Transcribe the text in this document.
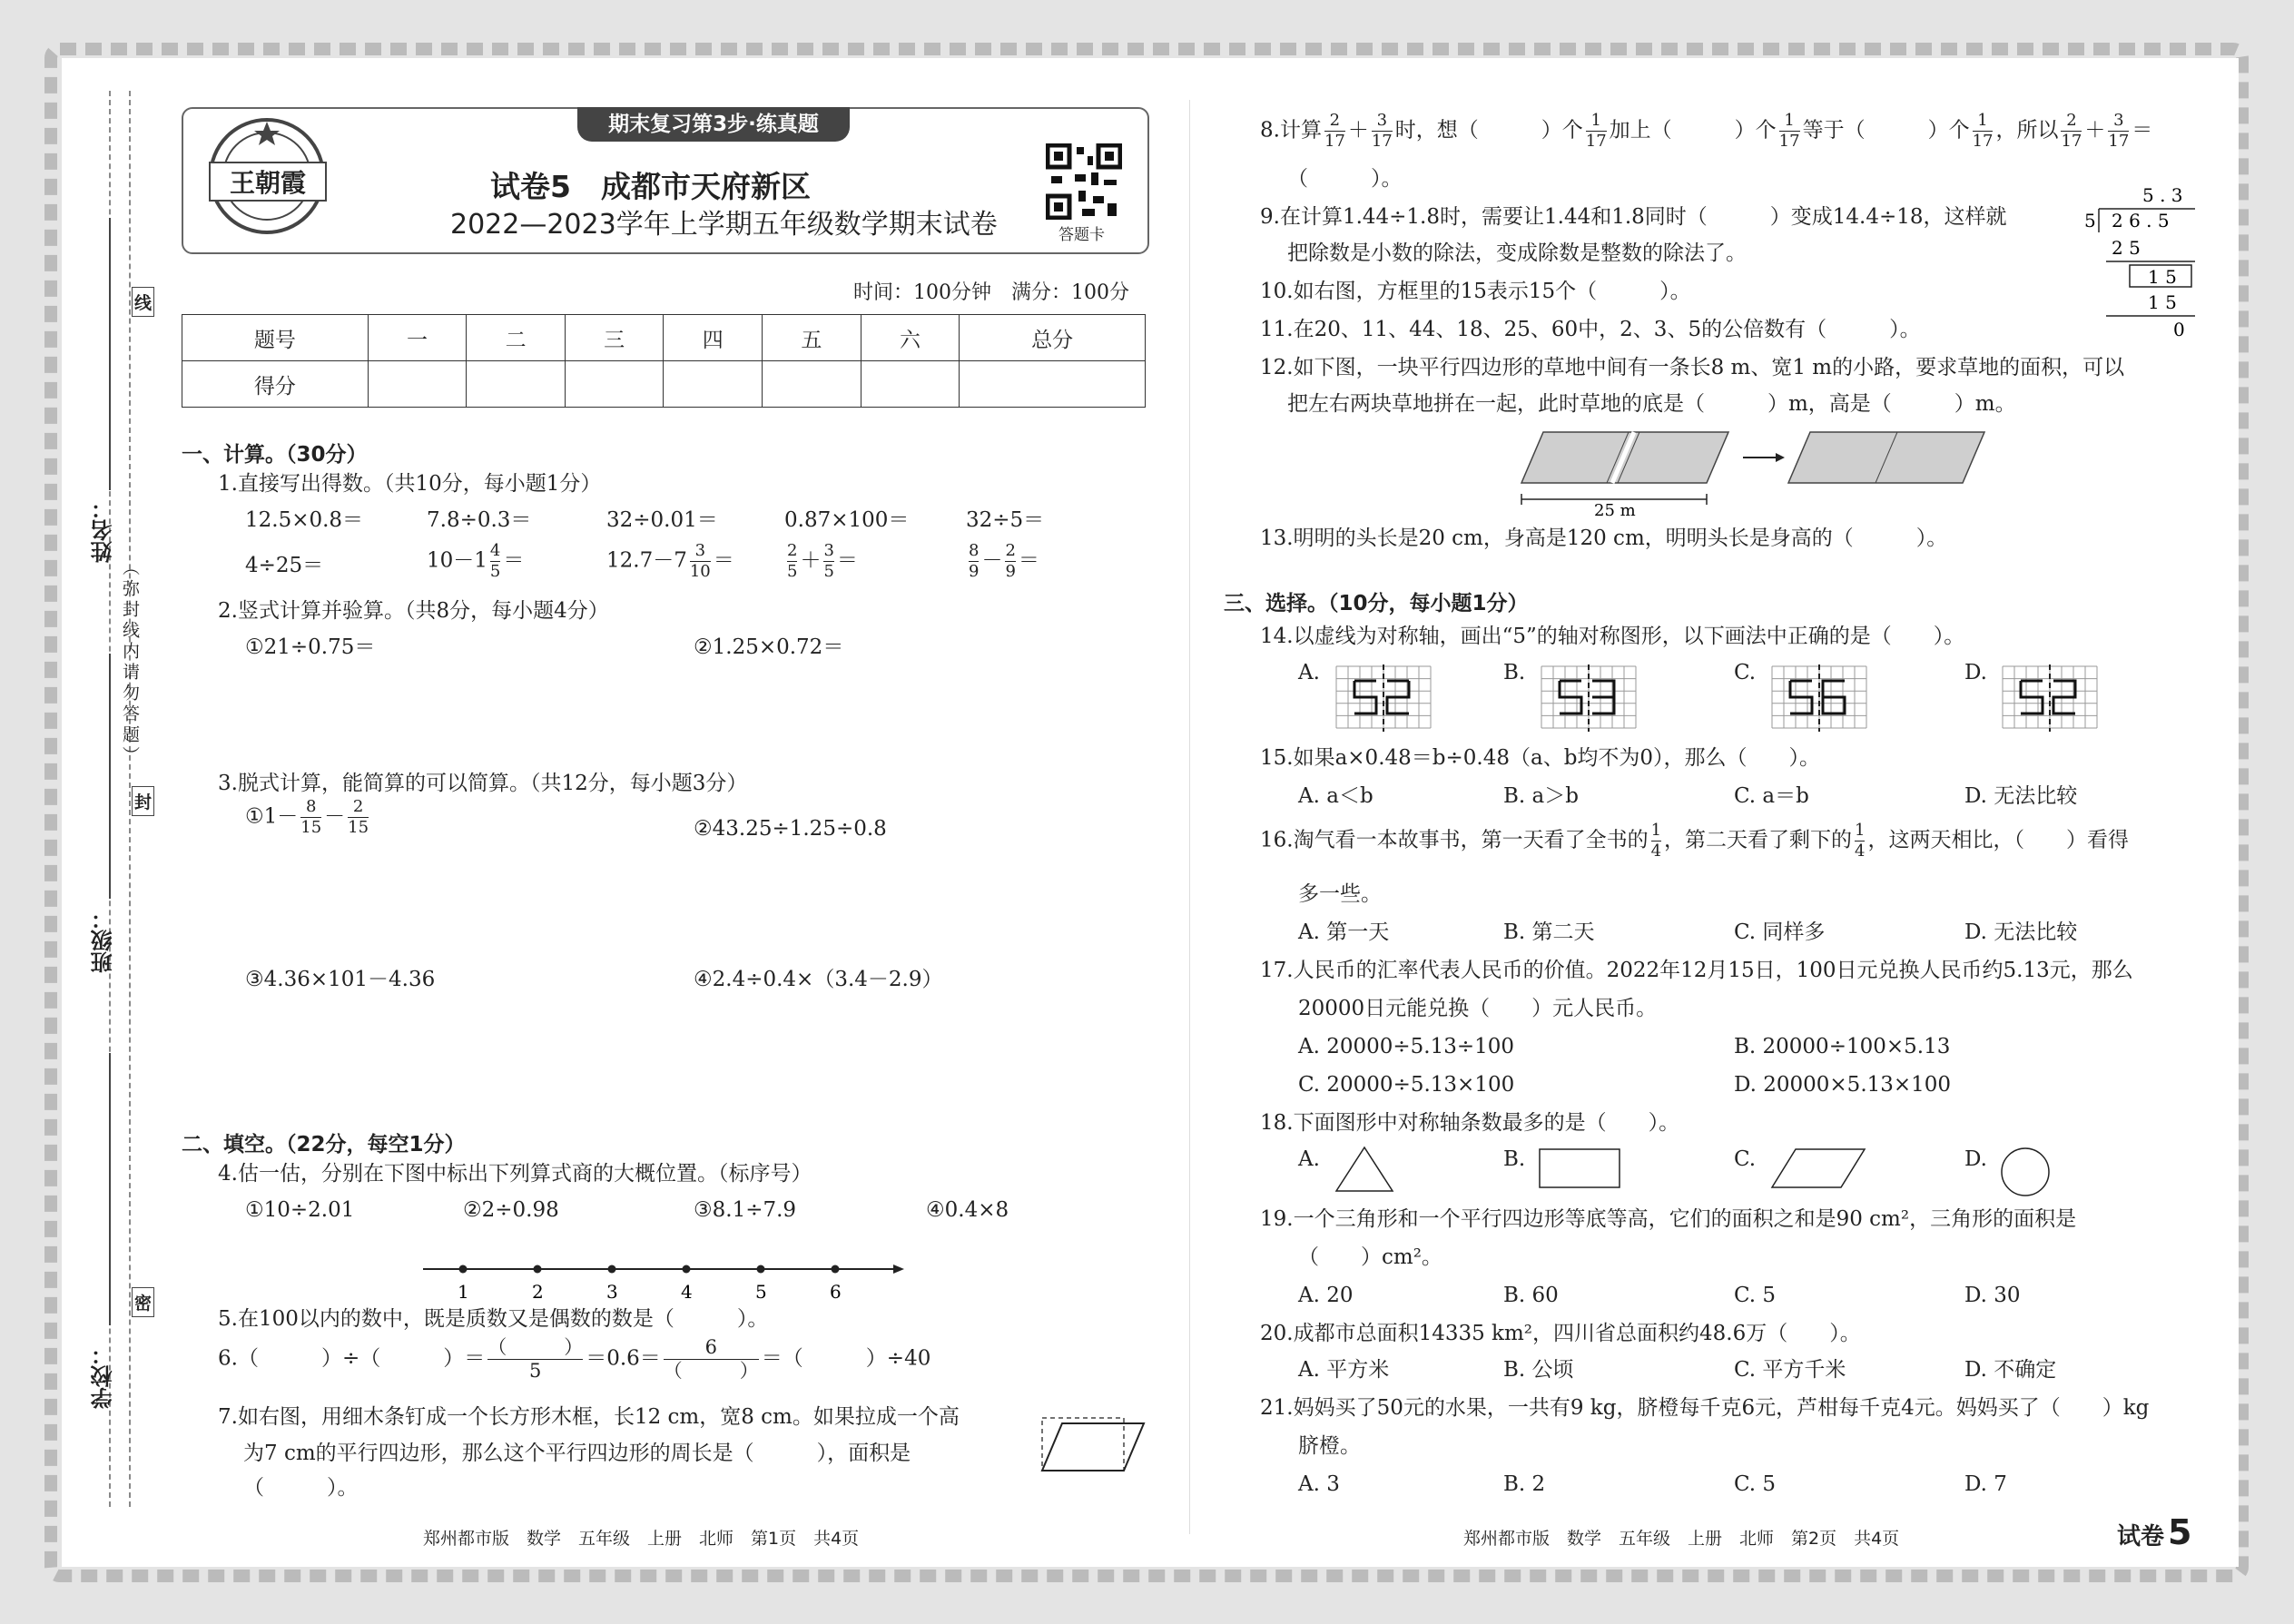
线
封
密
（弥封线内请勿答题）
姓名：
班级：
学校：
期末复习第3步·练真题
王朝霞	试卷5　成都市天府新区
2022—2023学年上学期五年级数学期末试卷	答题卡
时间：100分钟　满分：100分
题号	一	二	三	四	五	六	总分
得分							
一、计算。（30分）
1.直接写出得数。（共10分，每小题1分）
12.5×0.8＝	7.8÷0.3＝	32÷0.01＝	0.87×100＝	32÷5＝
4÷25＝	$10-1 \frac{4}{5}$ ＝	$12.7-7 \frac{3}{10}$ ＝	$\frac{2}{5} + \frac{3}{5}$ ＝	$\frac{8}{9} - \frac{2}{9}$ ＝
2.竖式计算并验算。（共8分，每小题4分）
①21÷0.75＝	②1.25×0.72＝
3.脱式计算，能简算的可以简算。（共12分，每小题3分）
①1－ $\frac{8}{15} - \frac{2}{15}$	②43.25÷1.25÷0.8
③4.36×101－4.36	④2.4÷0.4×（3.4－2.9）
二、填空。（22分，每空1分）
4.估一估，分别在下图中标出下列算式商的大概位置。（标序号）
①10÷2.01	②2÷0.98	③8.1÷7.9	④0.4×8
1	2	3	4	5	6
5.在100以内的数中，既是质数又是偶数的数是（　　　）。
6.（　　　）÷（　　　）＝ $\frac{( )}{5} =0.6= \frac{6}{( )}$ ＝（　　　）÷40
7.如右图，用细木条钉成一个长方形木框，长12 cm，宽8 cm。如果拉成一个高
为7 cm的平行四边形，那么这个平行四边形的周长是（　　　），面积是
（　　　）。
郑州都市版　数学　五年级　上册　北师　第1页　共4页
8.计算 $\frac{2}{17} + \frac{3}{17}$ 时，想（　　　）个 $\frac{1}{17}$ 加上（　　　）个 $\frac{1}{17}$ 等于（　　　）个 $\frac{1}{17}$ ，所以 $\frac{2}{17} + \frac{3}{17}$ ＝
（　　　）。
9.在计算1.44÷1.8时，需要让1.44和1.8同时（　　　）变成14.4÷18，这样就
把除数是小数的除法，变成除数是整数的除法了。
5 . 3
5 2 6 . 5
2 5
1 5
1 5
0
10.如右图，方框里的15表示15个（　　　）。
11.在20、11、44、18、25、60中，2、3、5的公倍数有（　　　）。
12.如下图，一块平行四边形的草地中间有一条长8 m、宽1 m的小路，要求草地的面积，可以
把左右两块草地拼在一起，此时草地的底是（　　　）m，高是（　　　）m。
25 m
13.明明的头长是20 cm，身高是120 cm，明明头长是身高的（　　　）。
三、选择。（10分，每小题1分）
14.以虚线为对称轴，画出“5”的轴对称图形，以下画法中正确的是（　　）。
A.	B.	C.	D.
15.如果a×0.48＝b÷0.48（a、b均不为0），那么（　　）。
A. a＜b	B. a＞b	C. a＝b	D. 无法比较
16.淘气看一本故事书，第一天看了全书的 $\frac{1}{4}$ ，第二天看了剩下的 $\frac{1}{4}$ ，这两天相比，（　　）看得
多一些。
A. 第一天	B. 第二天	C. 同样多	D. 无法比较
17.人民币的汇率代表人民币的价值。2022年12月15日，100日元兑换人民币约5.13元，那么
20000日元能兑换（　　）元人民币。
A. 20000÷5.13÷100	B. 20000÷100×5.13
C. 20000÷5.13×100	D. 20000×5.13×100
18.下面图形中对称轴条数最多的是（　　）。
A.	B.	C.	D.
19.一个三角形和一个平行四边形等底等高，它们的面积之和是90 cm²，三角形的面积是
（　　）cm²。
A. 20	B. 60	C. 5	D. 30
20.成都市总面积14335 km²，四川省总面积约48.6万（　　）。
A. 平方米	B. 公顷	C. 平方千米	D. 不确定
21.妈妈买了50元的水果，一共有9 kg，脐橙每千克6元，芦柑每千克4元。妈妈买了（　　）kg
脐橙。
A. 3	B. 2	C. 5	D. 7
郑州都市版　数学　五年级　上册　北师　第2页　共4页	试卷 5
